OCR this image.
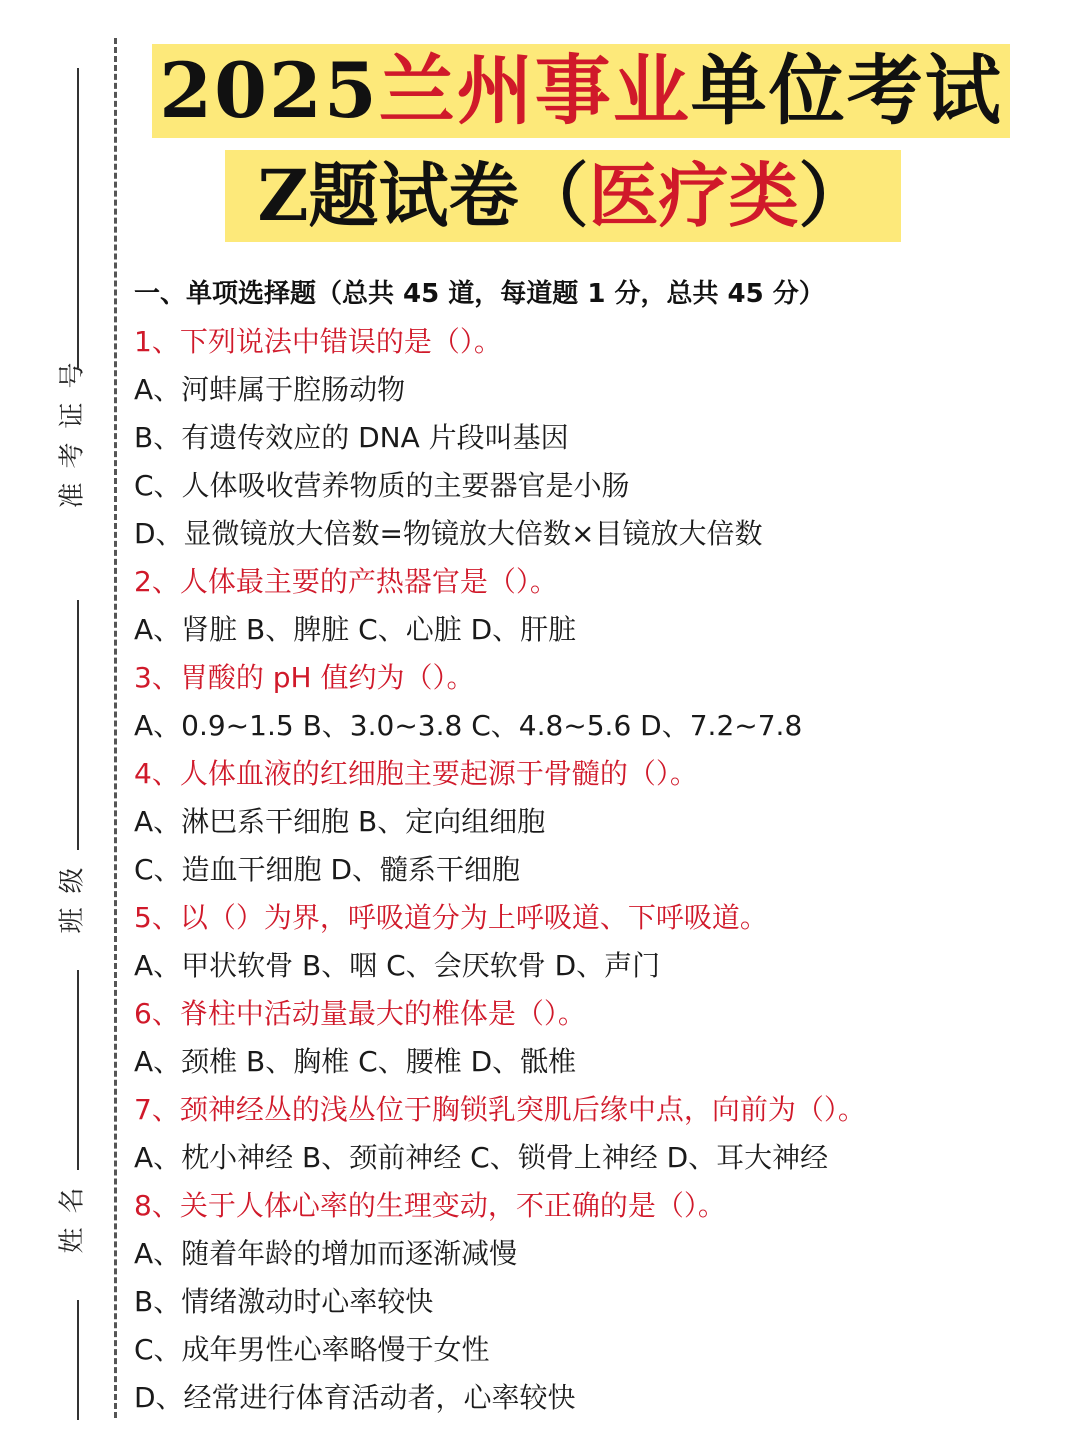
准考证号
班级
姓名
2025兰州事业单位考试
Z题试卷（医疗类）
一、单项选择题（总共 45 道，每道题 1 分，总共 45 分）
1、下列说法中错误的是（）。
A、河蚌属于腔肠动物
B、有遗传效应的 DNA 片段叫基因
C、人体吸收营养物质的主要器官是小肠
D、显微镜放大倍数=物镜放大倍数×目镜放大倍数
2、人体最主要的产热器官是（）。
A、肾脏 B、脾脏 C、心脏 D、肝脏
3、胃酸的 pH 值约为（）。
A、0.9~1.5 B、3.0~3.8 C、4.8~5.6 D、7.2~7.8
4、人体血液的红细胞主要起源于骨髓的（）。
A、淋巴系干细胞 B、定向组细胞
C、造血干细胞 D、髓系干细胞
5、以（）为界，呼吸道分为上呼吸道、下呼吸道。
A、甲状软骨 B、咽 C、会厌软骨 D、声门
6、脊柱中活动量最大的椎体是（）。
A、颈椎 B、胸椎 C、腰椎 D、骶椎
7、颈神经丛的浅丛位于胸锁乳突肌后缘中点，向前为（）。
A、枕小神经 B、颈前神经 C、锁骨上神经 D、耳大神经
8、关于人体心率的生理变动，不正确的是（）。
A、随着年龄的增加而逐渐减慢
B、情绪激动时心率较快
C、成年男性心率略慢于女性
D、经常进行体育活动者，心率较快
